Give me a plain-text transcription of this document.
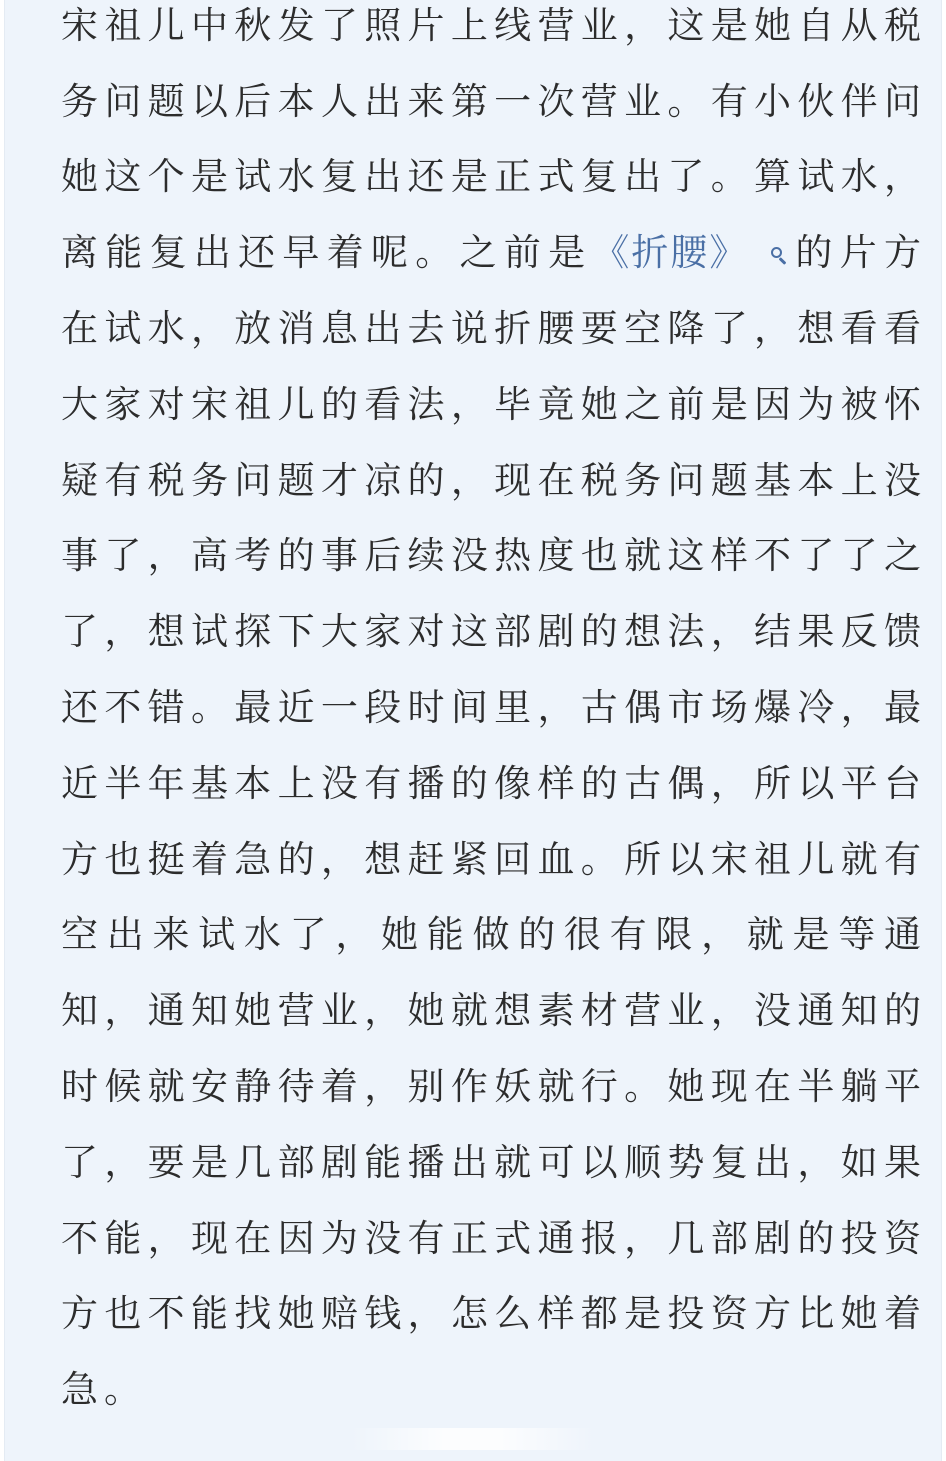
宋 祖 儿 中 秋 发 了 照 片 上 线 营 业 ， 这 是 她 自 从 税
务 问 题 以 后 本 人 出 来 第 一 次 营 业 。 有 小 伙 伴 问
她 这 个 是 试 水 复 出 还 是 正 式 复 出 了 。 算 试 水 ，
离 能 复 出 还 早 着 呢 。 之 前 是 《折腰》	的 片 方
在 试 水 ， 放 消 息 出 去 说 折 腰 要 空 降 了 ， 想 看 看
大 家 对 宋 祖 儿 的 看 法 ， 毕 竟 她 之 前 是 因 为 被 怀
疑 有 税 务 问 题 才 凉 的 ， 现 在 税 务 问 题 基 本 上 没
事 了 ， 高 考 的 事 后 续 没 热 度 也 就 这 样 不 了 了 之
了 ， 想 试 探 下 大 家 对 这 部 剧 的 想 法 ， 结 果 反 馈
还 不 错 。 最 近 一 段 时 间 里 ， 古 偶 市 场 爆 冷 ， 最
近 半 年 基 本 上 没 有 播 的 像 样 的 古 偶 ， 所 以 平 台
方 也 挺 着 急 的 ， 想 赶 紧 回 血 。 所 以 宋 祖 儿 就 有
空 出 来 试 水 了 ， 她 能 做 的 很 有 限 ， 就 是 等 通
知 ， 通 知 她 营 业 ， 她 就 想 素 材 营 业 ， 没 通 知 的
时 候 就 安 静 待 着 ， 别 作 妖 就 行 。 她 现 在 半 躺 平
了 ， 要 是 几 部 剧 能 播 出 就 可 以 顺 势 复 出 ， 如 果
不 能 ， 现 在 因 为 没 有 正 式 通 报 ， 几 部 剧 的 投 资
方 也 不 能 找 她 赔 钱 ， 怎 么 样 都 是 投 资 方 比 她 着
急 。
